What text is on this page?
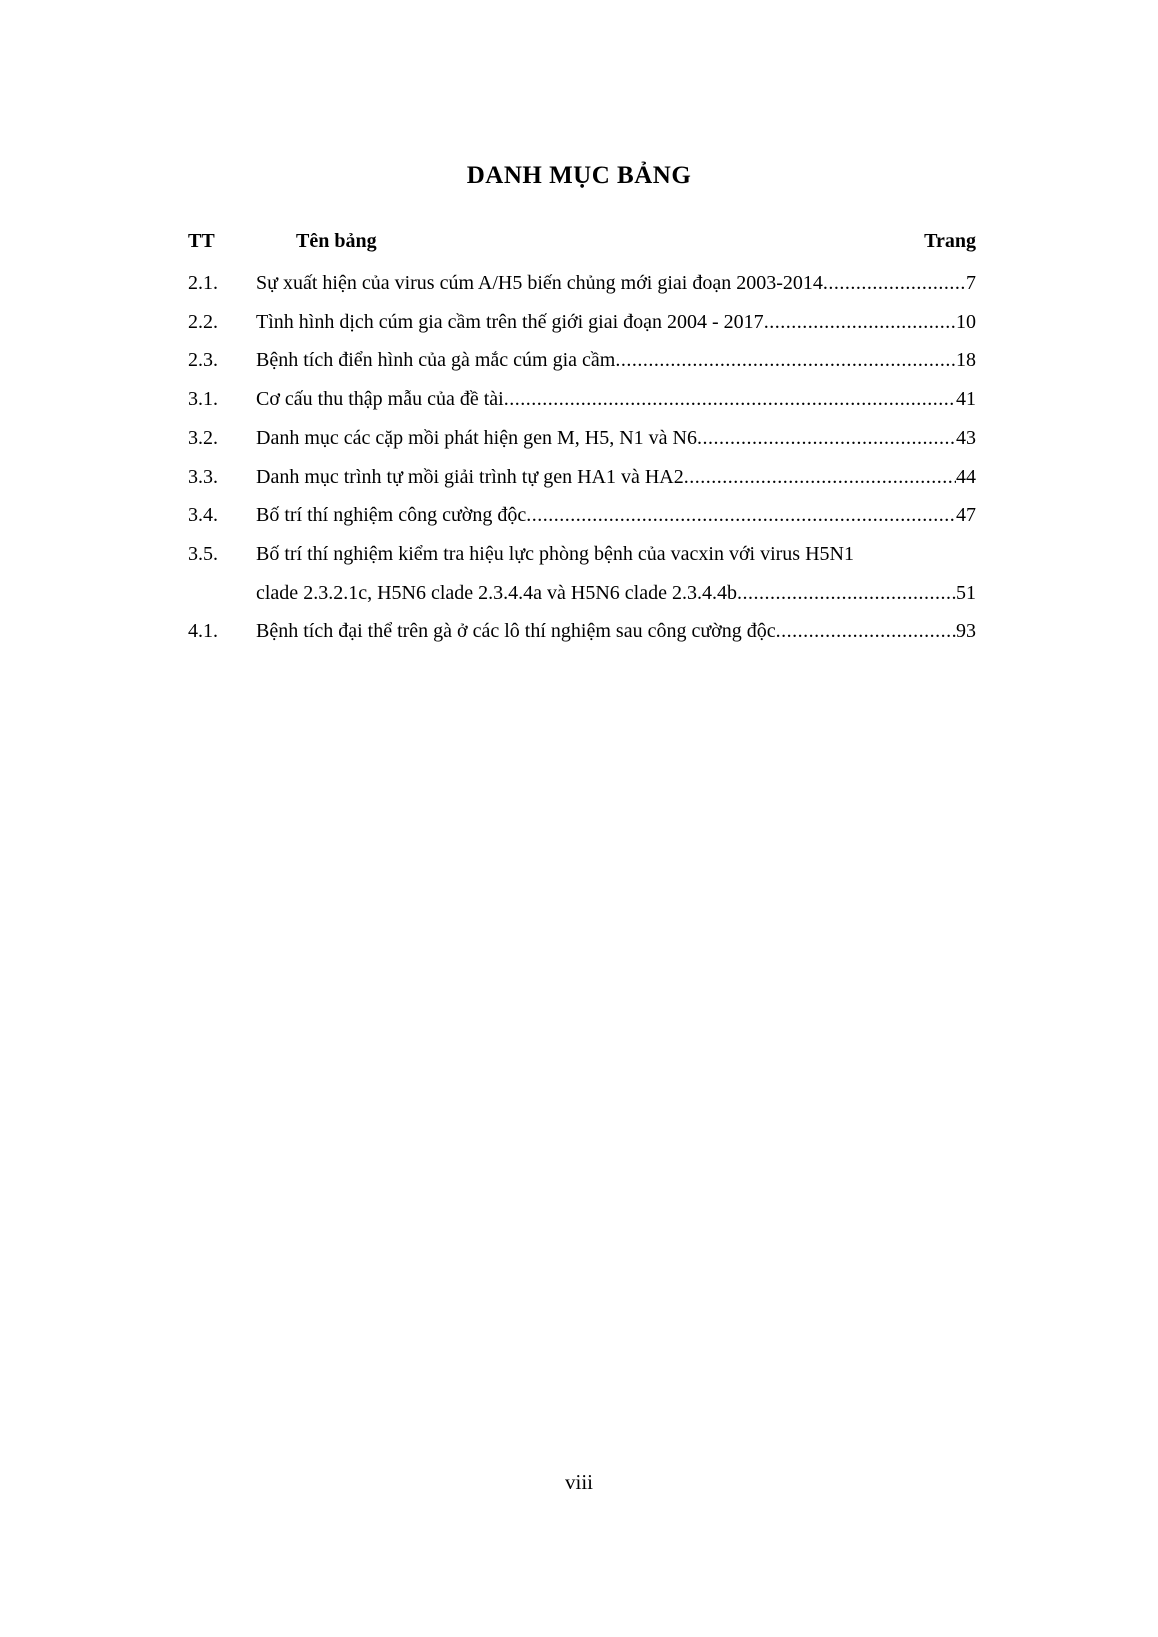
DANH MỤC BẢNG
TT	Tên bảng	Trang
2.1.	Sự xuất hiện của virus cúm A/H5 biến chủng mới giai đoạn 2003-2014 .....	7
2.2.	Tình hình dịch cúm gia cầm trên thế giới giai đoạn 2004 - 2017 .....	10
2.3.	Bệnh tích điển hình của gà mắc cúm gia cầm .....	18
3.1.	Cơ cấu thu thập mẫu của đề tài .....	41
3.2.	Danh mục các cặp mồi phát hiện gen M, H5, N1 và N6 .....	43
3.3.	Danh mục trình tự mồi giải trình tự gen HA1 và HA2 .....	44
3.4.	Bố trí thí nghiệm công cường độc .....	47
3.5.	Bố trí thí nghiệm kiểm tra hiệu lực phòng bệnh của vacxin với virus H5N1
clade 2.3.2.1c, H5N6 clade 2.3.4.4a và H5N6 clade 2.3.4.4b .....	51
4.1.	Bệnh tích đại thể trên gà ở các lô thí nghiệm sau công cường độc .....	93
viii
